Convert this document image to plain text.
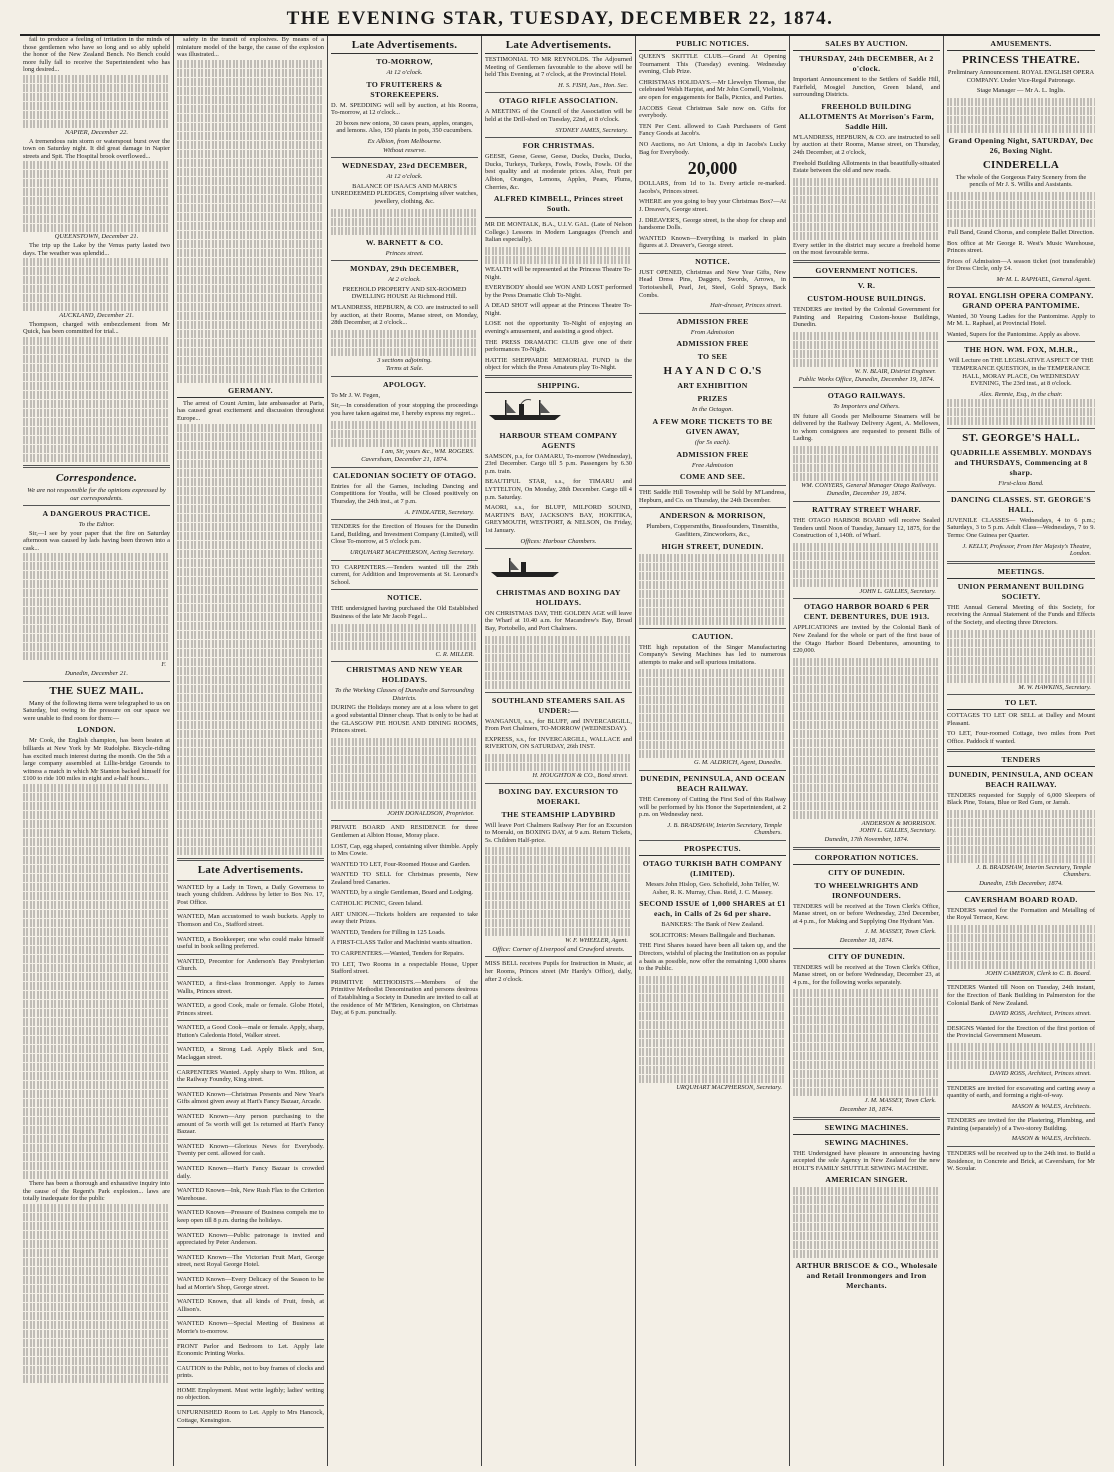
THE EVENING STAR, TUESDAY, DECEMBER 22, 1874.
fail to produce a feeling of irritation in the minds of those gentlemen who have so long and so ably upheld the honor of the New Zealand Bench. No Bench could more fully fall to receive the Superintendent who has long desired...
NAPIER, December 22.
A tremendous rain storm or waterspout burst over the town on Saturday night. It did great damage in Napier streets and Spit. The Hospital brook overflowed...
QUEENSTOWN, December 21.
The trip up the Lake by the Venus party lasted two days. The weather was splendid...
AUCKLAND, December 21.
Thompson, charged with embezzlement from Mr Quick, has been committed for trial...
Correspondence.
We are not responsible for the opinions expressed by our correspondents.
A DANGEROUS PRACTICE.
To the Editor.
Sir,—I see by your paper that the fire on Saturday afternoon was caused by lads having been thrown into a cask...
F.
Dunedin, December 21.
THE SUEZ MAIL.
Many of the following items were telegraphed to us on Saturday, but owing to the pressure on our space we were unable to find room for them:—
LONDON.
Mr Cook, the English champion, has been beaten at billiards at New York by Mr Rudolphe. Bicycle-riding has excited much interest during the month. On the 5th a large company assembled at Lillie-bridge Grounds to witness a match in which Mr Stanton backed himself for £100 to ride 100 miles in eight and a-half hours...
There has been a thorough and exhaustive inquiry into the cause of the Regent's Park explosion... laws are totally inadequate for the public
safety in the transit of explosives. By means of a miniature model of the barge, the cause of the explosion was illustrated...
GERMANY.
The arrest of Count Arnim, late ambassador at Paris, has caused great excitement and discussion throughout Europe...
Late Advertisements.
WANTED by a Lady in Town, a Daily Governess to teach young children. Address by letter to Box No. 17, Post Office.
WANTED, Man accustomed to wash buckets. Apply to Thomson and Co., Stafford street.
WANTED, a Bookkeeper; one who could make himself useful in book selling preferred.
WANTED, Precentor for Anderson's Bay Presbyterian Church.
WANTED, a first-class Ironmonger. Apply to James Wallis, Princes street.
WANTED, a good Cook, male or female. Globe Hotel, Princes street.
WANTED, a Good Cook—male or female. Apply, sharp, Hutton's Caledonia Hotel, Walker street.
WANTED, a Strong Lad. Apply Black and Son, Maclaggan street.
CARPENTERS Wanted. Apply sharp to Wm. Hilton, at the Railway Foundry, King street.
WANTED Known—Christmas Presents and New Year's Gifts almost given away at Hart's Fancy Bazaar, Arcade.
WANTED Known—Any person purchasing to the amount of 5s worth will get 1s returned at Hart's Fancy Bazaar.
WANTED Known—Glorious News for Everybody. Twenty per cent. allowed for cash.
WANTED Known—Hart's Fancy Bazaar is crowded daily.
WANTED Known—Ink, New Rush Flax to the Criterion Warehouse.
WANTED Known—Pressure of Business compels me to keep open till 8 p.m. during the holidays.
WANTED Known—Public patronage is invited and appreciated by Peter Anderson.
WANTED Known—The Victorian Fruit Mart, George street, next Royal George Hotel.
WANTED Known—Every Delicacy of the Season to be had at Morrie's Shop, George street.
WANTED Known, that all kinds of Fruit, fresh, at Allison's.
WANTED Known—Special Meeting of Business at Morrie's to-morrow.
FRONT Parlor and Bedroom to Let. Apply late Economic Printing Works.
CAUTION to the Public, not to buy frames of clocks and prints.
HOME Employment. Must write legibly; ladies' writing no objection.
UNFURNISHED Room to Let. Apply to Mrs Hancock, Cottage, Kensington.
Late Advertisements.
TO-MORROW,
At 12 o'clock.
TO FRUITERERS & STOREKEEPERS.
D. M. SPEDDING will sell by auction, at his Rooms, To-morrow, at 12 o'clock...
20 boxes new onions, 30 cases pears, apples, oranges, and lemons. Also, 150 plants in pots, 350 cucumbers.
Ex Albion, from Melbourne.
Without reserve.
WEDNESDAY, 23rd DECEMBER,
At 12 o'clock.
BALANCE OF ISAACS AND MARK'S UNREDEEMED PLEDGES, Comprising silver watches, jewellery, clothing, &c.
W. BARNETT & CO.
Princes street.
MONDAY, 29th DECEMBER,
At 2 o'clock.
FREEHOLD PROPERTY AND SIX-ROOMED DWELLING HOUSE At Richmond Hill.
M'LANDRESS, HEPBURN, & CO. are instructed to sell by auction, at their Rooms, Manse street, on Monday, 28th December, at 2 o'clock...
3 sections adjoining.
Terms at Sale.
APOLOGY.
To Mr J. W. Fegen,
Sir,—In consideration of your stopping the proceedings you have taken against me, I hereby express my regret...
I am, Sir, yours &c., WM. ROGERS.
Caversham, December 21, 1874.
CALEDONIAN SOCIETY OF OTAGO.
Entries for all the Games, including Dancing and Competitions for Youths, will be Closed positively on Thursday, the 24th inst., at 7 p.m.
A. FINDLATER, Secretary.
TENDERS for the Erection of Houses for the Dunedin Land, Building, and Investment Company (Limited), will Close To-morrow, at 5 o'clock p.m.
URQUHART MACPHERSON, Acting Secretary.
TO CARPENTERS.—Tenders wanted till the 29th current, for Addition and Improvements at St. Leonard's School.
NOTICE.
THE undersigned having purchased the Old Established Business of the late Mr Jacob Fegel...
C. R. MILLER.
CHRISTMAS AND NEW YEAR HOLIDAYS.
To the Working Classes of Dunedin and Surrounding Districts.
DURING the Holidays money are at a loss where to get a good substantial Dinner cheap. That is only to be had at the GLASGOW PIE HOUSE AND DINING ROOMS, Princes street.
JOHN DONALDSON, Proprietor.
PRIVATE BOARD AND RESIDENCE for three Gentlemen at Albion House, Moray place.
LOST, Cap, egg shaped, containing silver thimble. Apply to Mrs Cowie.
WANTED TO LET, Four-Roomed House and Garden.
WANTED TO SELL for Christmas presents, New Zealand bred Canaries.
WANTED, by a single Gentleman, Board and Lodging.
CATHOLIC PICNIC, Green Island.
ART UNION.—Tickets holders are requested to take away their Prizes.
WANTED, Tenders for Filling in 125 Loads.
A FIRST-CLASS Tailor and Machinist wants situation.
TO CARPENTERS.—Wanted, Tenders for Repairs.
TO LET, Two Rooms in a respectable House, Upper Stafford street.
PRIMITIVE METHODISTS.—Members of the Primitive Methodist Denomination and persons desirous of Establishing a Society in Dunedin are invited to call at the residence of Mr M'Brien, Kensington, on Christmas Day, at 6 p.m. punctually.
Late Advertisements.
TESTIMONIAL TO MR REYNOLDS. The Adjourned Meeting of Gentlemen favourable to the above will be held This Evening, at 7 o'clock, at the Provincial Hotel.
H. S. FISH, Jun., Hon. Sec.
OTAGO RIFLE ASSOCIATION.
A MEETING of the Council of the Association will be held at the Drill-shed on Tuesday, 22nd, at 8 o'clock.
SYDNEY JAMES, Secretary.
FOR CHRISTMAS.
GEESE, Geese, Geese, Geese, Ducks, Ducks, Ducks, Ducks, Turkeys, Turkeys, Fowls, Fowls, Fowls. Of the best quality and at moderate prices. Also, Fruit per Albion, Oranges, Lemons, Apples, Pears, Plums, Cherries, &c.
ALFRED KIMBELL, Princes street South.
MR DE MONTALK, B.A., U.I.V. GAL. (Late of Nelson College.) Lessons in Modern Languages (French and Italian especially).
WEALTH will be represented at the Princess Theatre To-Night.
EVERYBODY should see WON AND LOST performed by the Press Dramatic Club To-Night.
A DEAD SHOT will appear at the Princess Theatre To-Night.
LOSE not the opportunity To-Night of enjoying an evening's amusement, and assisting a good object.
THE PRESS DRAMATIC CLUB give one of their performances To-Night.
HATTIE SHEPPARDE MEMORIAL FUND is the object for which the Press Amateurs play To-Night.
SHIPPING.
HARBOUR STEAM COMPANY AGENTS
SAMSON, p.s, for OAMARU, To-morrow (Wednesday), 23rd December. Cargo till 5 p.m. Passengers by 6.30 p.m. train.
BEAUTIFUL STAR, s.s., for TIMARU and LYTTELTON, On Monday, 28th December. Cargo till 4 p.m. Saturday.
MAORI, s.s., for BLUFF, MILFORD SOUND, MARTIN'S BAY, JACKSON'S BAY, HOKITIKA, GREYMOUTH, WESTPORT, & NELSON, On Friday, 1st January.
Offices: Harbour Chambers.
CHRISTMAS AND BOXING DAY HOLIDAYS.
ON CHRISTMAS DAY, THE GOLDEN AGE will leave the Wharf at 10.40 a.m. for Macandrew's Bay, Broad Bay, Portobello, and Port Chalmers.
SOUTHLAND STEAMERS SAIL AS UNDER:—
WANGANUI, s.s., for BLUFF, and INVERCARGILL, From Port Chalmers, TO-MORROW (WEDNESDAY).
EXPRESS, s.s., for INVERCARGILL, WALLACE and RIVERTON, ON SATURDAY, 26th INST.
H. HOUGHTON & CO., Bond street.
BOXING DAY. EXCURSION TO MOERAKI.
THE STEAMSHIP LADYBIRD
Will leave Port Chalmers Railway Pier for an Excursion to Moeraki, on BOXING DAY, at 9 a.m. Return Tickets, 5s. Children Half-price.
W. F. WHEELER, Agent.
Office: Corner of Liverpool and Crawford streets.
MISS BELL receives Pupils for Instruction in Music, at her Rooms, Princes street (Mr Hardy's Office), daily, after 2 o'clock.
PUBLIC NOTICES.
QUEEN'S SKITTLE CLUB.—Grand At Opening Tournament This (Tuesday) evening. Wednesday evening, Club Prize.
CHRISTMAS HOLIDAYS.—Mr Llewelyn Thomas, the celebrated Welsh Harpist, and Mr John Cornell, Violinist, are open for engagements for Balls, Picnics, and Parties.
JACOBS Great Christmas Sale now on. Gifts for everybody.
TEN Per Cent. allowed to Cash Purchasers of Gent Fancy Goods at Jacob's.
NO Auctions, no Art Unions, a dip in Jacobs's Lucky Bag for Everybody.
20,000
DOLLARS, from 1d to 1s. Every article re-marked. Jacobs's, Princes street.
WHERE are you going to buy your Christmas Box?—At J. Dreaver's, George street.
J. DREAVER'S, George street, is the shop for cheap and handsome Dolls.
WANTED Known—Everything is marked in plain figures at J. Dreaver's, George street.
NOTICE.
JUST OPENED, Christmas and New Year Gifts, New Head Dress Pins, Daggers, Swords, Arrows, in Tortoiseshell, Pearl, Jet, Steel, Gold Sprays, Back Combs.
Hair-dresser, Princes street.
ADMISSION FREE
From Admission
ADMISSION FREE
TO SEE
H A Y A N D C O.'S
ART EXHIBITION
PRIZES
In the Octagon.
A FEW MORE TICKETS TO BE GIVEN AWAY,
(for 5s each).
ADMISSION FREE
Free Admission
COME AND SEE.
THE Saddle Hill Township will be Sold by M'Landress, Hepburn, and Co. on Thursday, the 24th December.
ANDERSON & MORRISON,
Plumbers, Coppersmiths, Brassfounders, Tinsmiths, Gasfitters, Zincworkers, &c.,
HIGH STREET, DUNEDIN.
CAUTION.
THE high reputation of the Singer Manufacturing Company's Sewing Machines has led to numerous attempts to make and sell spurious imitations.
G. M. ALDRICH, Agent, Dunedin.
DUNEDIN, PENINSULA, AND OCEAN BEACH RAILWAY.
THE Ceremony of Cutting the First Sod of this Railway will be performed by his Honor the Superintendent, at 2 p.m. on Wednesday next.
J. B. BRADSHAW, Interim Secretary, Temple Chambers.
PROSPECTUS.
OTAGO TURKISH BATH COMPANY (LIMITED).
Messrs John Hislop, Geo. Schofield, John Telfer, W. Asher, R. K. Murray, Chas. Reid, J. C. Massey.
SECOND ISSUE of 1,000 SHARES at £1 each, in Calls of 2s 6d per share.
BANKERS: The Bank of New Zealand.
SOLICITORS: Messrs Ballingale and Buchanan.
THE First Shares issued have been all taken up, and the Directors, wishful of placing the Institution on as popular a basis as possible, now offer the remaining 1,000 shares to the Public.
URQUHART MACPHERSON, Secretary.
SALES BY AUCTION.
THURSDAY, 24th DECEMBER, At 2 o'clock.
Important Announcement to the Settlers of Saddle Hill, Fairfield, Mosgiel Junction, Green Island, and surrounding Districts.
FREEHOLD BUILDING ALLOTMENTS At Morrison's Farm, Saddle Hill.
M'LANDRESS, HEPBURN, & CO. are instructed to sell by auction at their Rooms, Manse street, on Thursday, 24th December, at 2 o'clock,
Freehold Building Allotments in that beautifully-situated Estate between the old and new roads.
Every settler in the district may secure a freehold home on the most favourable terms.
GOVERNMENT NOTICES.
V. R.
CUSTOM-HOUSE BUILDINGS.
TENDERS are invited by the Colonial Government for Painting and Repairing Custom-house Buildings, Dunedin.
W. N. BLAIR, District Engineer.
Public Works Office, Dunedin, December 19, 1874.
OTAGO RAILWAYS.
To Importers and Others.
IN future all Goods per Melbourne Steamers will be delivered by the Railway Delivery Agent, A. Mellowes, to whom consignees are requested to present Bills of Lading.
WM. CONYERS, General Manager Otago Railways.
Dunedin, December 19, 1874.
RATTRAY STREET WHARF.
THE OTAGO HARBOR BOARD will receive Sealed Tenders until Noon of Tuesday, January 12, 1875, for the Construction of 1,140ft. of Wharf.
JOHN L. GILLIES, Secretary.
OTAGO HARBOR BOARD 6 PER CENT. DEBENTURES, DUE 1913.
APPLICATIONS are invited by the Colonial Bank of New Zealand for the whole or part of the first issue of the Otago Harbor Board Debentures, amounting to £20,000.
ANDERSON & MORRISON.
JOHN L. GILLIES, Secretary.
Dunedin, 17th November, 1874.
CORPORATION NOTICES.
CITY OF DUNEDIN.
TO WHEELWRIGHTS AND IRONFOUNDERS.
TENDERS will be received at the Town Clerk's Office, Manse street, on or before Wednesday, 23rd December, at 4 p.m., for Making and Supplying One Hydrant Van.
J. M. MASSEY, Town Clerk.
December 18, 1874.
CITY OF DUNEDIN.
TENDERS will be received at the Town Clerk's Office, Manse street, on or before Wednesday, December 23, at 4 p.m., for the following works separately.
J. M. MASSEY, Town Clerk.
December 18, 1874.
SEWING MACHINES.
SEWING MACHINES.
THE Undersigned have pleasure in announcing having accepted the sole Agency in New Zealand for the new HOLT'S FAMILY SHUTTLE SEWING MACHINE.
AMERICAN SINGER.
ARTHUR BRISCOE & CO., Wholesale and Retail Ironmongers and Iron Merchants.
AMUSEMENTS.
PRINCESS THEATRE.
Preliminary Announcement. ROYAL ENGLISH OPERA COMPANY. Under Vice-Regal Patronage.
Stage Manager — Mr A. L. Inglis.
Grand Opening Night, SATURDAY, Dec 26, Boxing Night.
CINDERELLA
The whole of the Gorgeous Fairy Scenery from the pencils of Mr J. S. Willis and Assistants.
Full Band, Grand Chorus, and complete Ballet Direction.
Box office at Mr George R. West's Music Warehouse, Princes street.
Prices of Admission—A season ticket (not transferable) for Dress Circle, only £4.
Mr M. L. RAPHAEL, General Agent.
ROYAL ENGLISH OPERA COMPANY. GRAND OPERA PANTOMIME.
Wanted, 30 Young Ladies for the Pantomime. Apply to Mr M. L. Raphael, at Provincial Hotel.
Wanted, Supers for the Pantomime. Apply as above.
THE HON. WM. FOX, M.H.R.,
Will Lecture on THE LEGISLATIVE ASPECT OF THE TEMPERANCE QUESTION, in the TEMPERANCE HALL, MORAY PLACE, On WEDNESDAY EVENING, The 23rd inst., at 8 o'clock.
Alex. Rennie, Esq., in the chair.
ST. GEORGE'S HALL.
QUADRILLE ASSEMBLY. MONDAYS and THURSDAYS, Commencing at 8 sharp.
First-class Band.
DANCING CLASSES. ST. GEORGE'S HALL.
JUVENILE CLASSES— Wednesdays, 4 to 6 p.m.; Saturdays, 3 to 5 p.m. Adult Class—Wednesdays, 7 to 9. Terms: One Guinea per Quarter.
J. KELLY, Professor, From Her Majesty's Theatre, London.
MEETINGS.
UNION PERMANENT BUILDING SOCIETY.
THE Annual General Meeting of this Society, for receiving the Annual Statement of the Funds and Effects of the Society, and electing three Directors.
M. W. HAWKINS, Secretary.
TO LET.
COTTAGES TO LET OR SELL at Dalley and Mount Pleasant.
TO LET, Four-roomed Cottage, two miles from Port Office. Paddock if wanted.
TENDERS
DUNEDIN, PENINSULA, AND OCEAN BEACH RAILWAY.
TENDERS requested for Supply of 6,000 Sleepers of Black Pine, Totara, Blue or Red Gum, or Jarrah.
J. B. BRADSHAW, Interim Secretary, Temple Chambers.
Dunedin, 15th December, 1874.
CAVERSHAM BOARD ROAD.
TENDERS wanted for the Formation and Metalling of the Royal Terrace, Kew.
JOHN CAMERON, Clerk to C. B. Board.
TENDERS Wanted till Noon on Tuesday, 24th instant, for the Erection of Bank Building in Palmerston for the Colonial Bank of New Zealand.
DAVID ROSS, Architect, Princes street.
DESIGNS Wanted for the Erection of the first portion of the Provincial Government Museum.
DAVID ROSS, Architect, Princes street.
TENDERS are invited for excavating and carting away a quantity of earth, and forming a right-of-way.
MASON & WALES, Architects.
TENDERS are invited for the Plastering, Plumbing, and Painting (separately) of a Two-storey Building.
MASON & WALES, Architects.
TENDERS will be received up to the 24th inst. to Build a Residence, in Concrete and Brick, at Caversham, for Mr W. Scoular.
